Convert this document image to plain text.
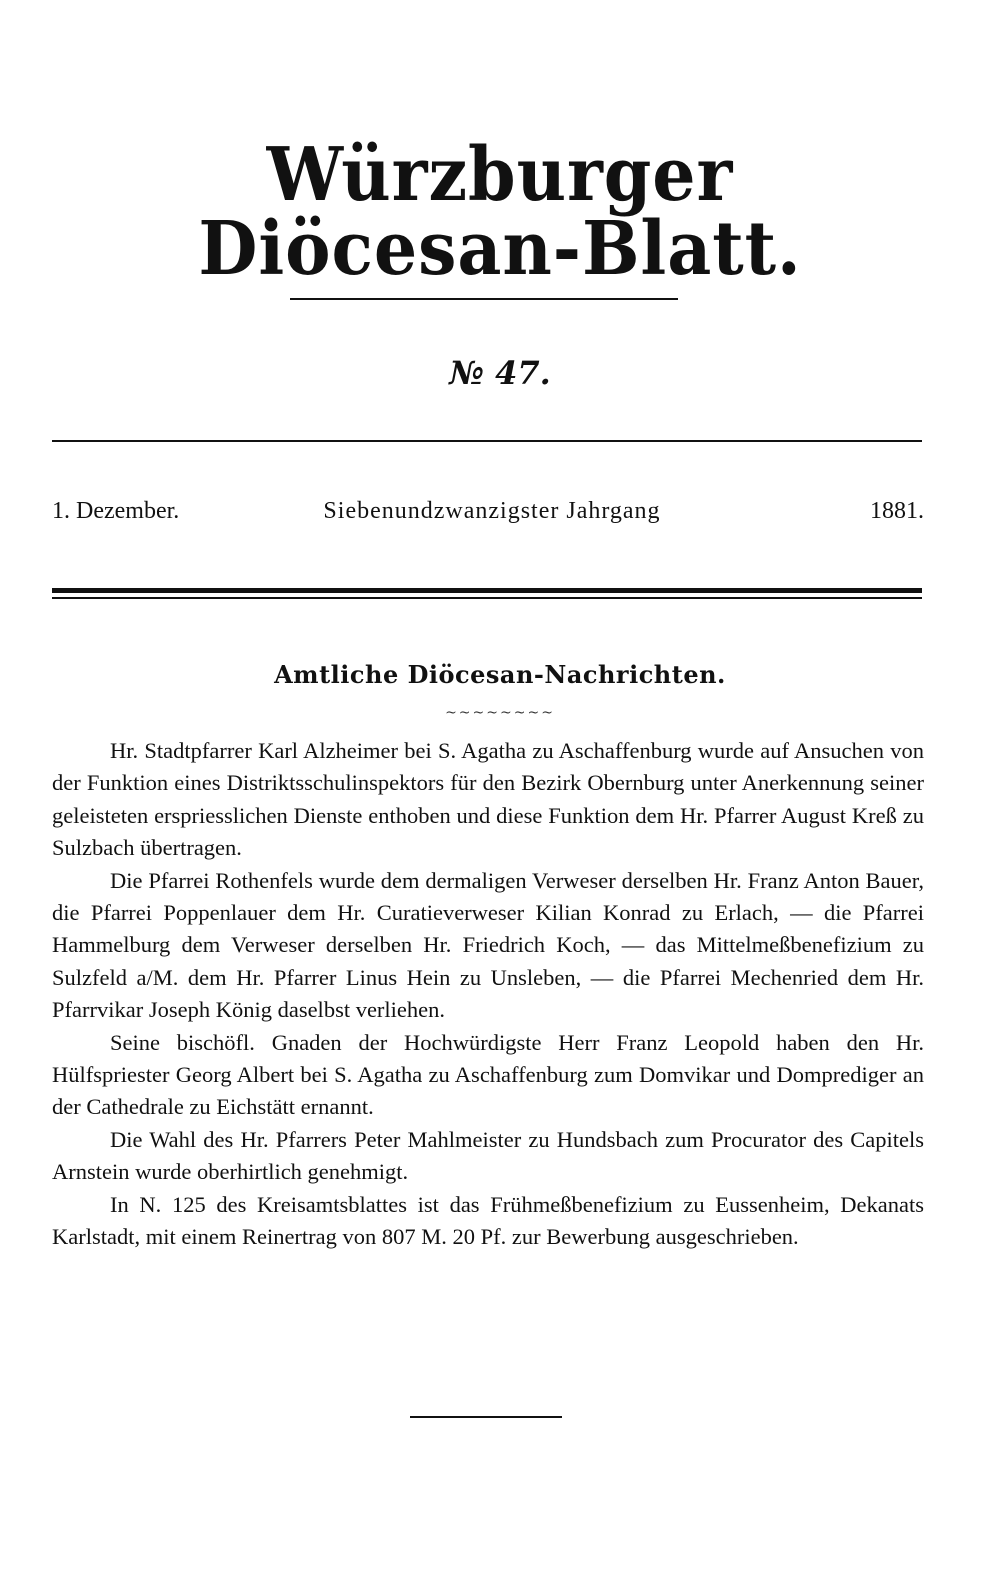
Würzburger Diöcesan-Blatt.
№ 47.
1. Dezember.	Siebenundzwanzigster Jahrgang	1881.
Amtliche Diöcesan-Nachrichten.
~~~~~~~~

Hr. Stadtpfarrer Karl Alzheimer bei S. Agatha zu Aschaffenburg wurde auf Ansuchen von der Funktion eines Distriktsschulinspektors für den Bezirk Obernburg unter Anerkennung seiner geleisteten erspriesslichen Dienste enthoben und diese Funktion dem Hr. Pfarrer August Kreß zu Sulzbach übertragen.

Die Pfarrei Rothenfels wurde dem dermaligen Verweser derselben Hr. Franz Anton Bauer, die Pfarrei Poppenlauer dem Hr. Curatieverweser Kilian Konrad zu Erlach, — die Pfarrei Hammelburg dem Verweser derselben Hr. Friedrich Koch, — das Mittelmeßbenefizium zu Sulzfeld a/M. dem Hr. Pfarrer Linus Hein zu Unsleben, — die Pfarrei Mechenried dem Hr. Pfarrvikar Joseph König daselbst verliehen.

Seine bischöfl. Gnaden der Hochwürdigste Herr Franz Leopold haben den Hr. Hülfspriester Georg Albert bei S. Agatha zu Aschaffenburg zum Domvikar und Domprediger an der Cathedrale zu Eichstätt ernannt.

Die Wahl des Hr. Pfarrers Peter Mahlmeister zu Hundsbach zum Procurator des Capitels Arnstein wurde oberhirtlich genehmigt.

In N. 125 des Kreisamtsblattes ist das Frühmeßbenefizium zu Eussenheim, Dekanats Karlstadt, mit einem Reinertrag von 807 M. 20 Pf. zur Bewerbung ausgeschrieben.
